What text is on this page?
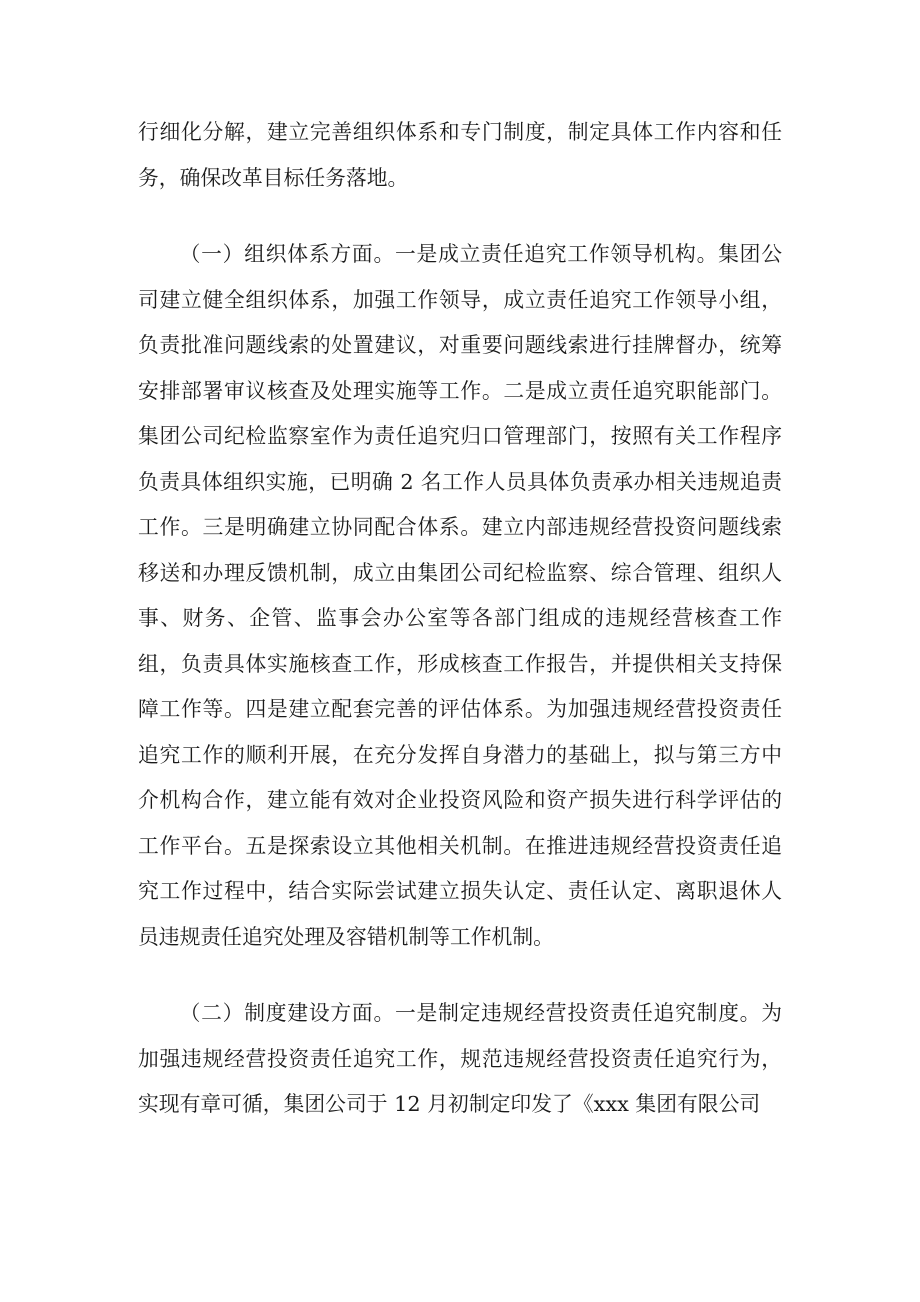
行细化分解，建立完善组织体系和专门制度，制定具体工作内容和任务，确保改革目标任务落地。

（一）组织体系方面。一是成立责任追究工作领导机构。集团公司建立健全组织体系，加强工作领导，成立责任追究工作领导小组，负责批准问题线索的处置建议，对重要问题线索进行挂牌督办，统筹安排部署审议核查及处理实施等工作。二是成立责任追究职能部门。集团公司纪检监察室作为责任追究归口管理部门，按照有关工作程序负责具体组织实施，已明确 2 名工作人员具体负责承办相关违规追责工作。三是明确建立协同配合体系。建立内部违规经营投资问题线索移送和办理反馈机制，成立由集团公司纪检监察、综合管理、组织人事、财务、企管、监事会办公室等各部门组成的违规经营核查工作组，负责具体实施核查工作，形成核查工作报告，并提供相关支持保障工作等。四是建立配套完善的评估体系。为加强违规经营投资责任追究工作的顺利开展，在充分发挥自身潜力的基础上，拟与第三方中介机构合作，建立能有效对企业投资风险和资产损失进行科学评估的工作平台。五是探索设立其他相关机制。在推进违规经营投资责任追究工作过程中，结合实际尝试建立损失认定、责任认定、离职退休人员违规责任追究处理及容错机制等工作机制。

（二）制度建设方面。一是制定违规经营投资责任追究制度。为加强违规经营投资责任追究工作，规范违规经营投资责任追究行为，实现有章可循，集团公司于 12 月初制定印发了《xxx 集团有限公司
